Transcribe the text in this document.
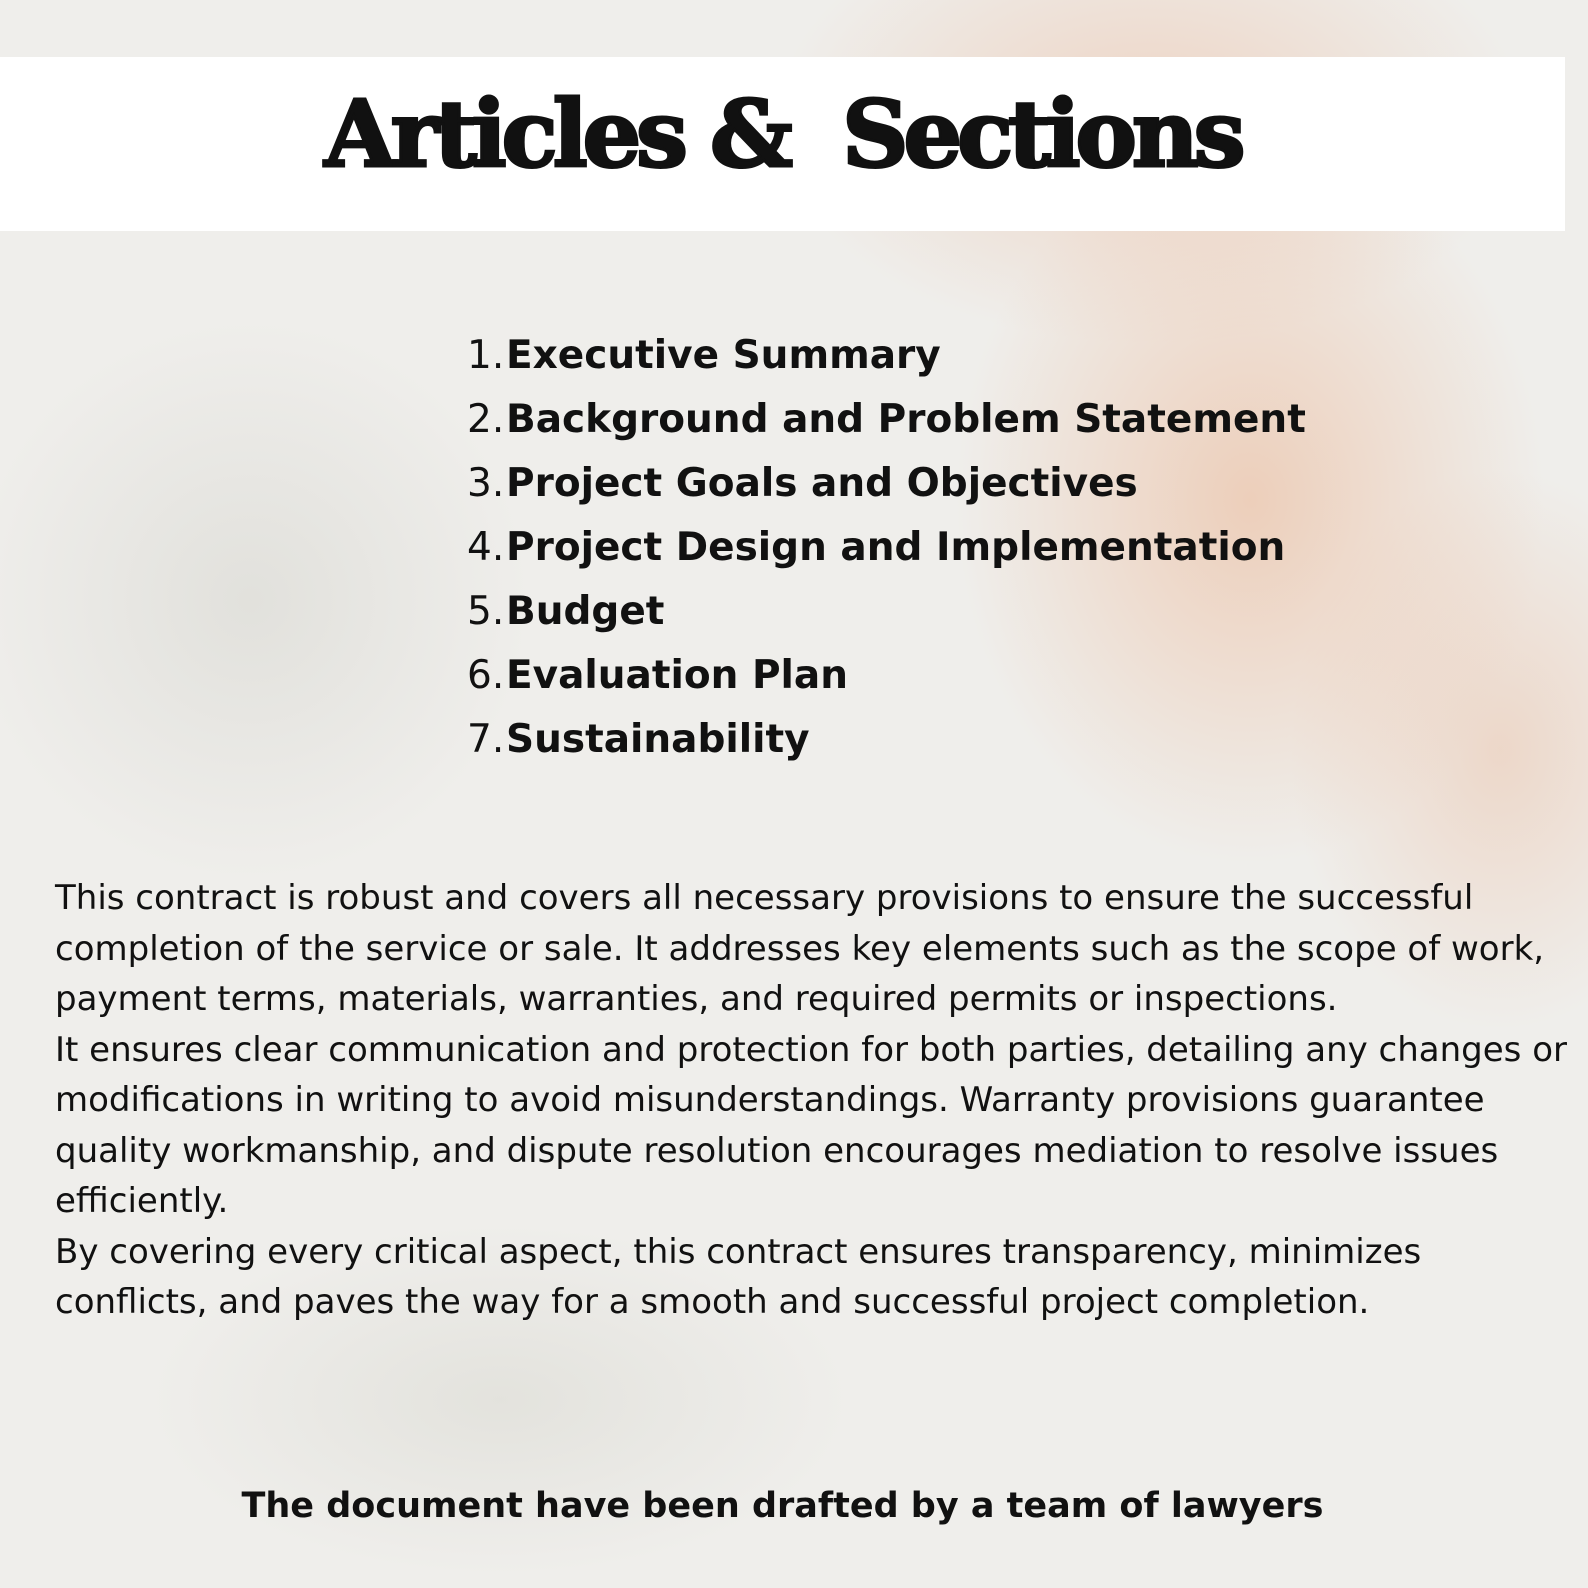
Articles &  Sections
1.Executive Summary
2.Background and Problem Statement
3.Project Goals and Objectives
4.Project Design and Implementation
5.Budget
6.Evaluation Plan
7.Sustainability

This contract is robust and covers all necessary provisions to ensure the successful completion of the service or sale. It addresses key elements such as the scope of work, payment terms, materials, warranties, and required permits or inspections.

It ensures clear communication and protection for both parties, detailing any changes or modifications in writing to avoid misunderstandings. Warranty provisions guarantee quality workmanship, and dispute resolution encourages mediation to resolve issues efficiently.

By covering every critical aspect, this contract ensures transparency, minimizes conflicts, and paves the way for a smooth and successful project completion.

The document have been drafted by a team of lawyers
